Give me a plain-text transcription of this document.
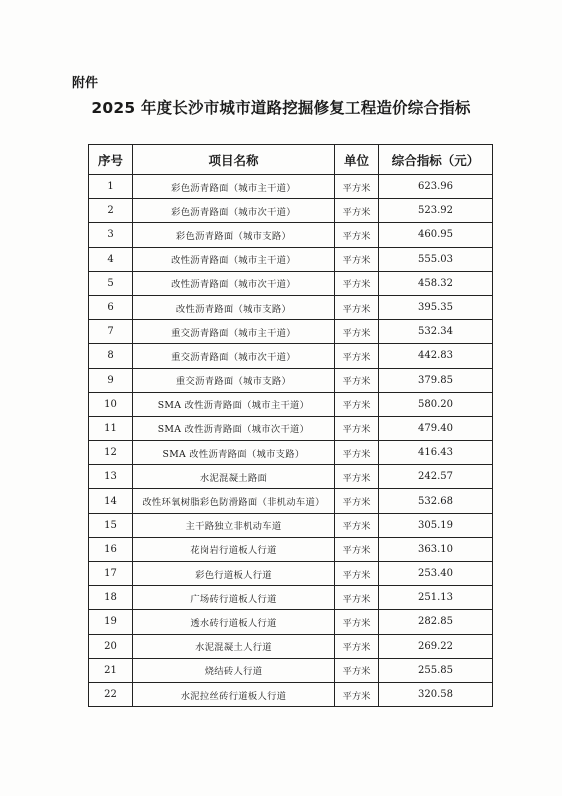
附件
2025 年度长沙市城市道路挖掘修复工程造价综合指标
序号	项目名称	单位	综合指标（元）
1	彩色沥青路面（城市主干道）	平方米	623.96
2	彩色沥青路面（城市次干道）	平方米	523.92
3	彩色沥青路面（城市支路）	平方米	460.95
4	改性沥青路面（城市主干道）	平方米	555.03
5	改性沥青路面（城市次干道）	平方米	458.32
6	改性沥青路面（城市支路）	平方米	395.35
7	重交沥青路面（城市主干道）	平方米	532.34
8	重交沥青路面（城市次干道）	平方米	442.83
9	重交沥青路面（城市支路）	平方米	379.85
10	SMA 改性沥青路面（城市主干道）	平方米	580.20
11	SMA 改性沥青路面（城市次干道）	平方米	479.40
12	SMA 改性沥青路面（城市支路）	平方米	416.43
13	水泥混凝土路面	平方米	242.57
14	改性环氧树脂彩色防滑路面（非机动车道）	平方米	532.68
15	主干路独立非机动车道	平方米	305.19
16	花岗岩行道板人行道	平方米	363.10
17	彩色行道板人行道	平方米	253.40
18	广场砖行道板人行道	平方米	251.13
19	透水砖行道板人行道	平方米	282.85
20	水泥混凝土人行道	平方米	269.22
21	烧结砖人行道	平方米	255.85
22	水泥拉丝砖行道板人行道	平方米	320.58
